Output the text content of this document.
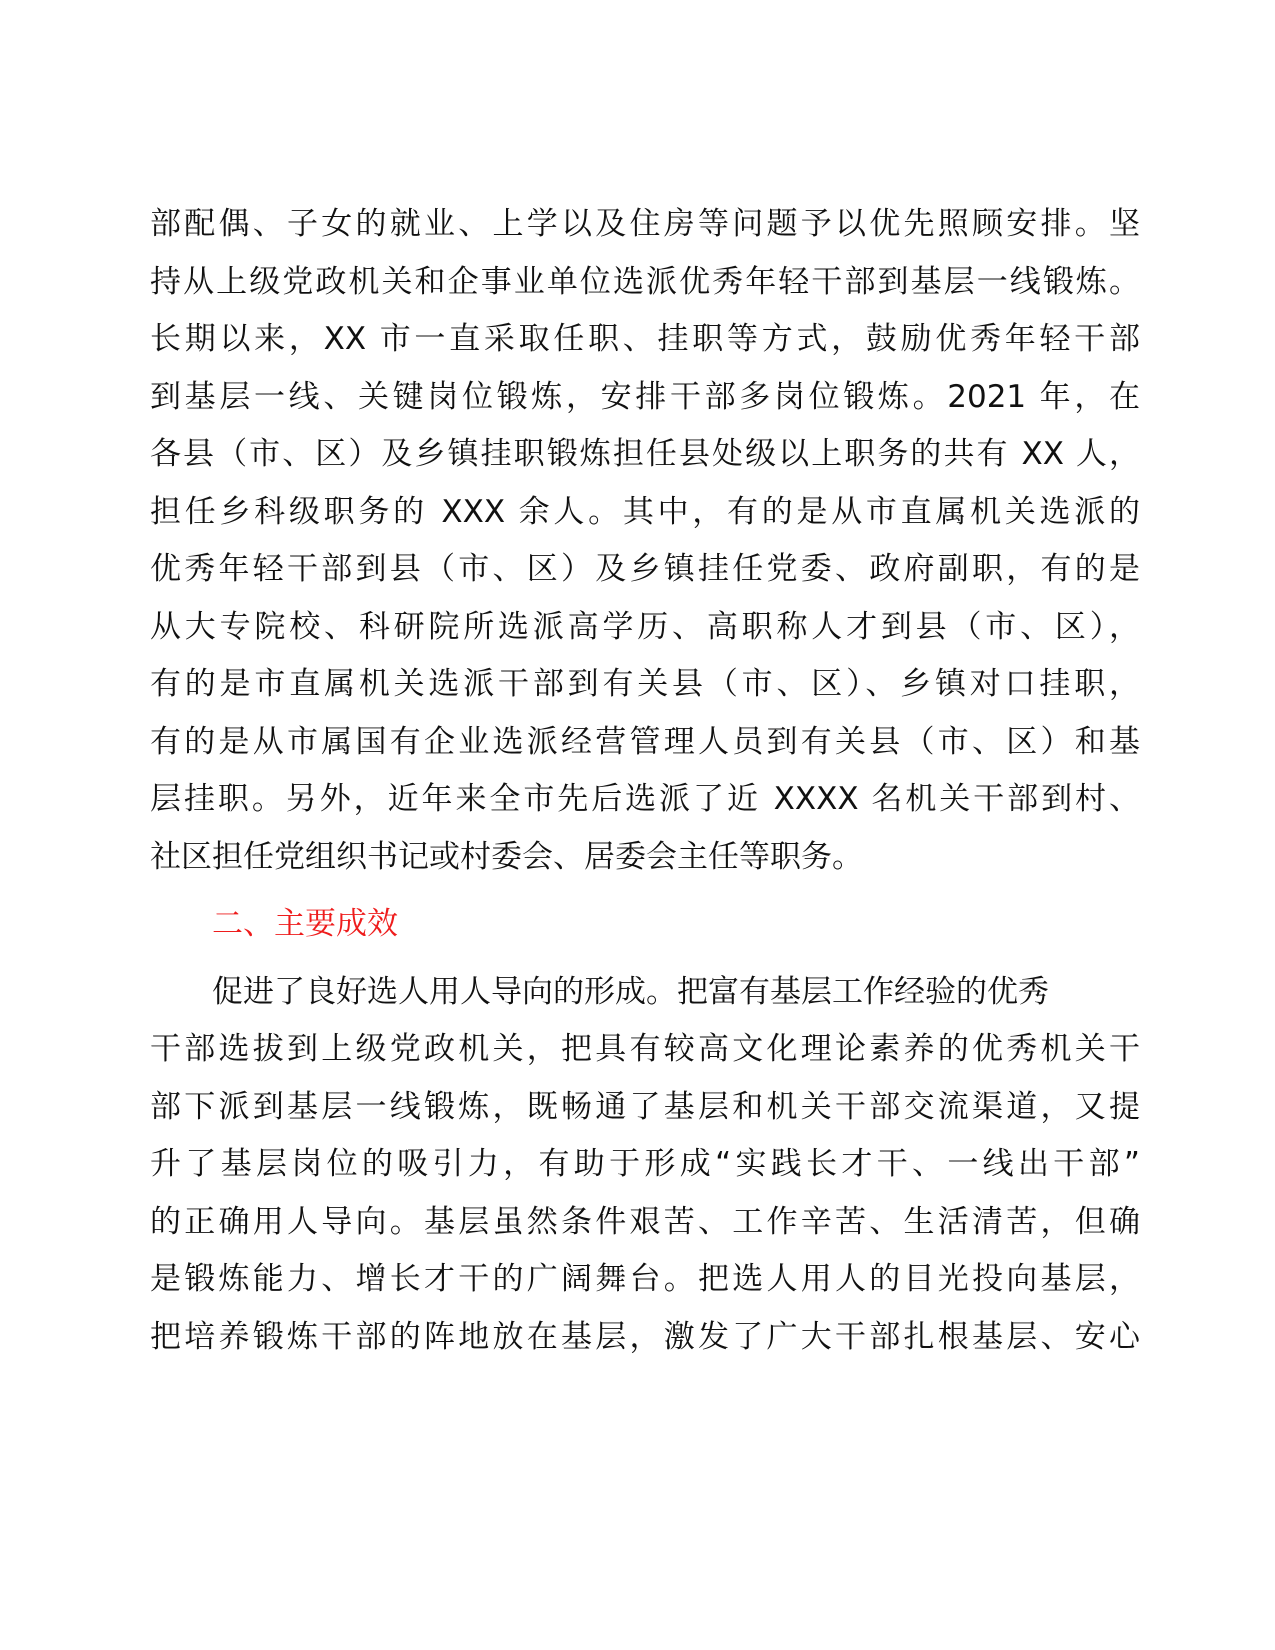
部配偶、子女的就业、上学以及住房等问题予以优先照顾安排。坚
持从上级党政机关和企事业单位选派优秀年轻干部到基层一线锻炼。
长期以来，XX 市一直采取任职、挂职等方式，鼓励优秀年轻干部
到基层一线、关键岗位锻炼，安排干部多岗位锻炼。2021 年，在
各县（市、区）及乡镇挂职锻炼担任县处级以上职务的共有 XX 人，
担任乡科级职务的 XXX 余人。其中，有的是从市直属机关选派的
优秀年轻干部到县（市、区）及乡镇挂任党委、政府副职，有的是
从大专院校、科研院所选派高学历、高职称人才到县（市、区），
有的是市直属机关选派干部到有关县（市、区）、乡镇对口挂职，
有的是从市属国有企业选派经营管理人员到有关县（市、区）和基
层挂职。另外，近年来全市先后选派了近 XXXX 名机关干部到村、
社区担任党组织书记或村委会、居委会主任等职务。
二、主要成效
促进了良好选人用人导向的形成。把富有基层工作经验的优秀
干部选拔到上级党政机关，把具有较高文化理论素养的优秀机关干
部下派到基层一线锻炼，既畅通了基层和机关干部交流渠道，又提
升了基层岗位的吸引力，有助于形成“实践长才干、一线出干部”
的正确用人导向。基层虽然条件艰苦、工作辛苦、生活清苦，但确
是锻炼能力、增长才干的广阔舞台。把选人用人的目光投向基层，
把培养锻炼干部的阵地放在基层，激发了广大干部扎根基层、安心
